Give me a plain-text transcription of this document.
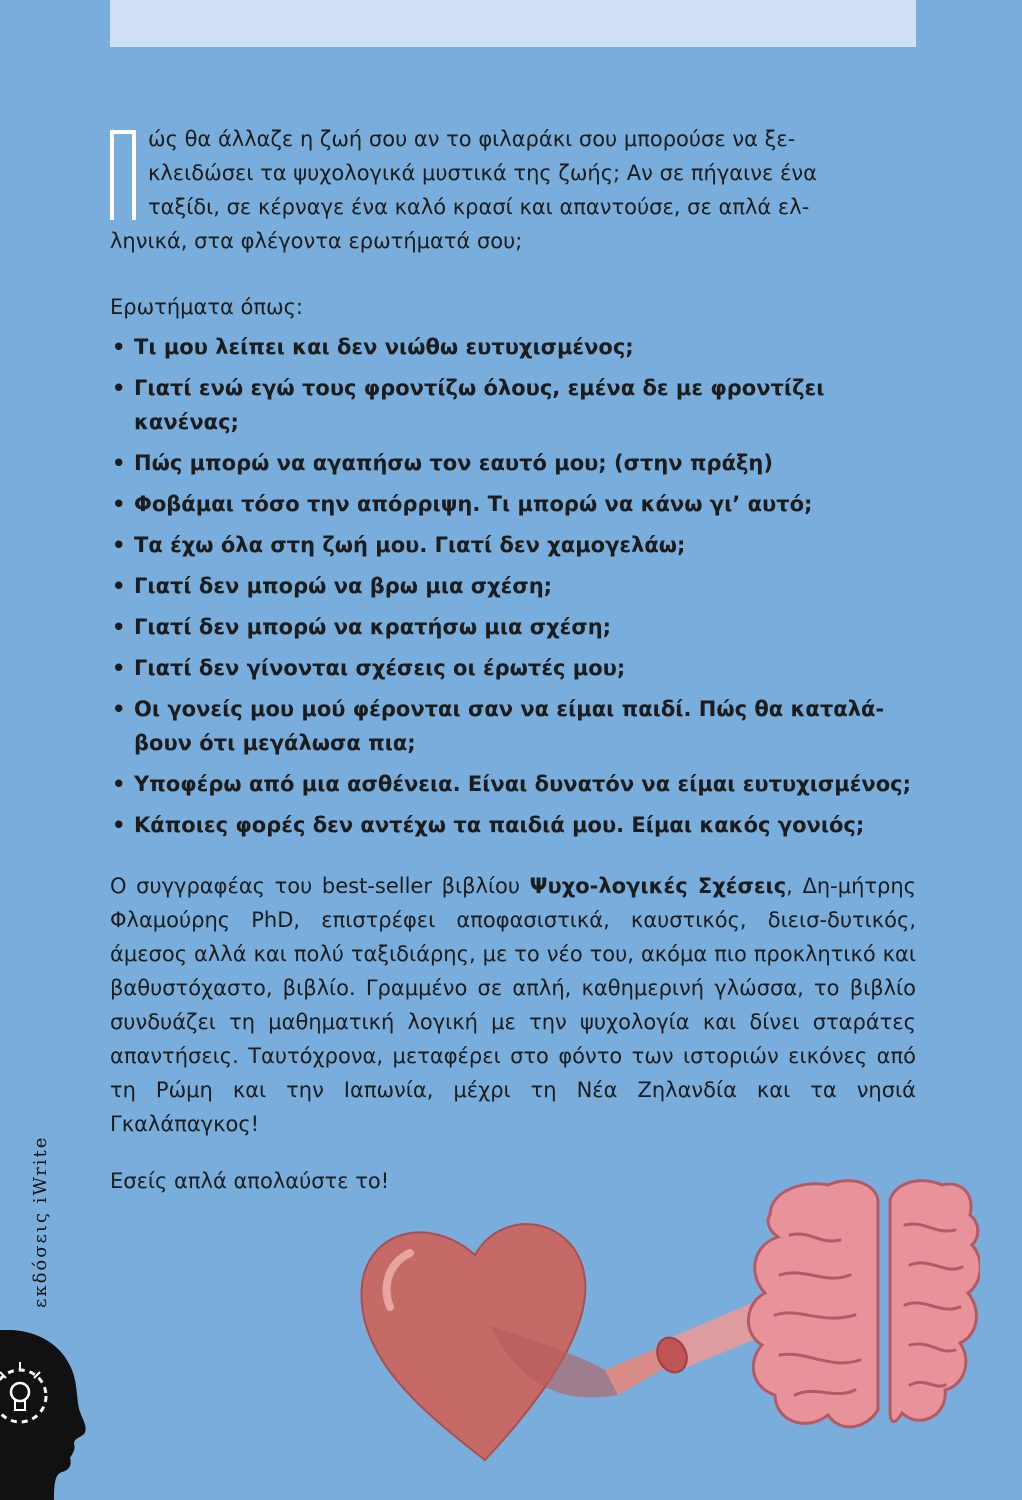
ώς θα άλλαζε η ζωή σου αν το φιλαράκι σου μπορούσε να ξε-
κλειδώσει τα ψυχολογικά μυστικά της ζωής; Αν σε πήγαινε ένα
ταξίδι, σε κέρναγε ένα καλό κρασί και απαντούσε, σε απλά ελ-
ληνικά, στα φλέγοντα ερωτήματά σου;

Ερωτήματα όπως:

• Τι μου λείπει και δεν νιώθω ευτυχισμένος;
• Γιατί ενώ εγώ τους φροντίζω όλους, εμένα δε με φροντίζει κανένας;
• Πώς μπορώ να αγαπήσω τον εαυτό μου; (στην πράξη)
• Φοβάμαι τόσο την απόρριψη. Τι μπορώ να κάνω γι’ αυτό;
• Τα έχω όλα στη ζωή μου. Γιατί δεν χαμογελάω;
• Γιατί δεν μπορώ να βρω μια σχέση;
• Γιατί δεν μπορώ να κρατήσω μια σχέση;
• Γιατί δεν γίνονται σχέσεις οι έρωτές μου;
• Οι γονείς μου μού φέρονται σαν να είμαι παιδί. Πώς θα καταλά-βουν ότι μεγάλωσα πια;
• Υποφέρω από μια ασθένεια. Είναι δυνατόν να είμαι ευτυχισμένος;
• Κάποιες φορές δεν αντέχω τα παιδιά μου. Είμαι κακός γονιός;

Ο συγγραφέας του best-seller βιβλίου Ψυχο-λογικές Σχέσεις, Δη-μήτρης Φλαμούρης PhD, επιστρέφει αποφασιστικά, καυστικός, διεισ-δυτικός, άμεσος αλλά και πολύ ταξιδιάρης, με το νέο του, ακόμα πιο προκλητικό και βαθυστόχαστο, βιβλίο. Γραμμένο σε απλή, καθημερινή γλώσσα, το βιβλίο συνδυάζει τη μαθηματική λογική με την ψυχολογία και δίνει σταράτες απαντήσεις. Ταυτόχρονα, μεταφέρει στο φόντο των ιστοριών εικόνες από τη Ρώμη και την Ιαπωνία, μέχρι τη Νέα Ζηλανδία και τα νησιά Γκαλάπαγκος!

Εσείς απλά απολαύστε το!

εκδόσεις iWrite
